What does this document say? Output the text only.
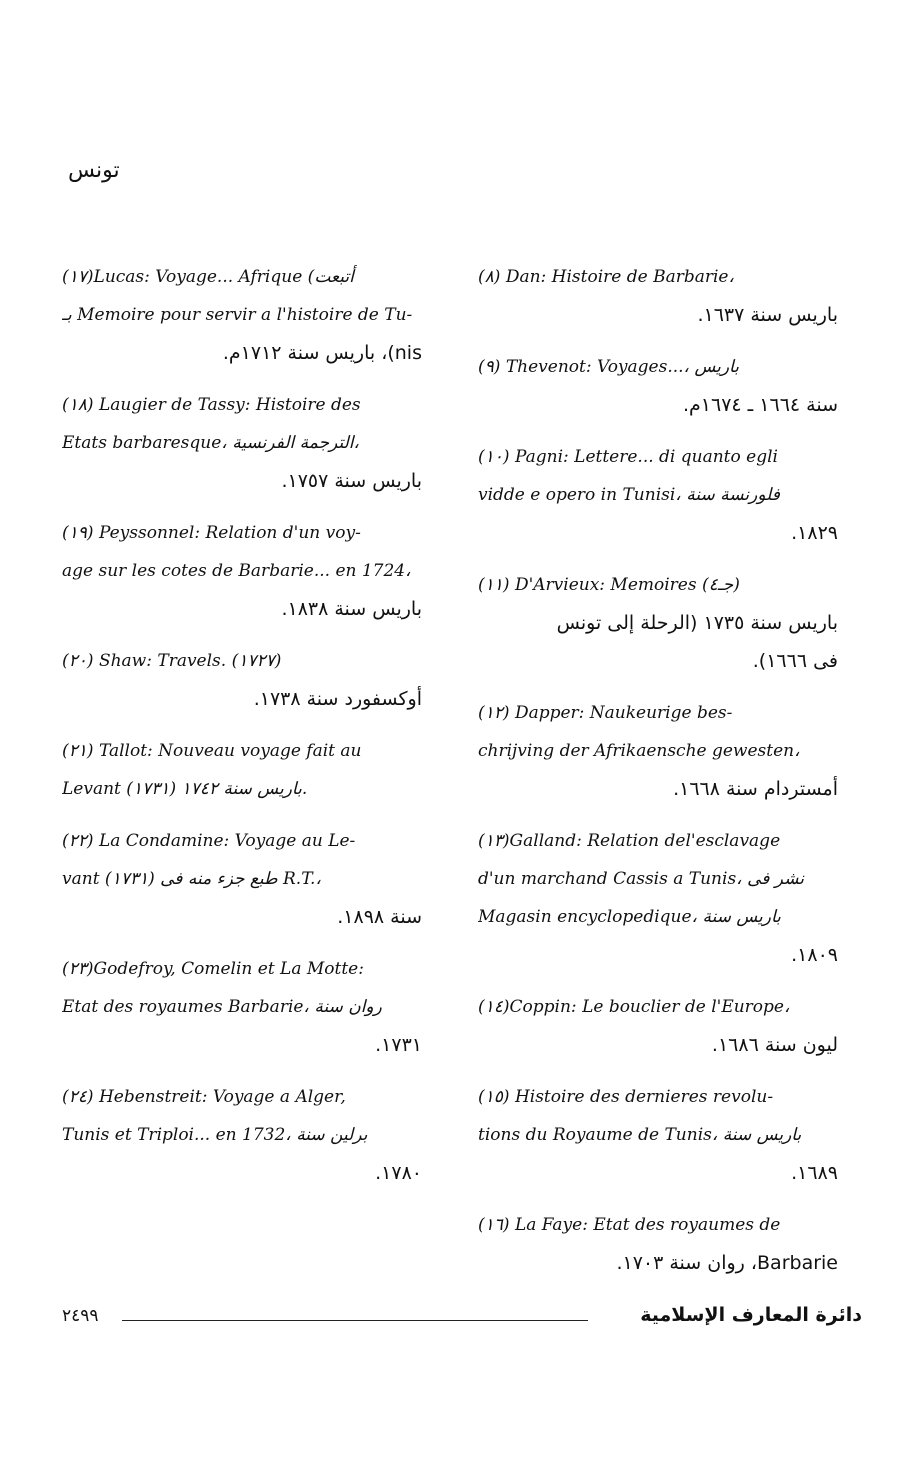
تونس
(٨) Dan: Histoire de Barbarie،
باريس سنة ١٦٣٧.
(٩) Thevenot: Voyages...، باريس
سنة ١٦٦٤ ـ ١٦٧٤م.
(١٠) Pagni: Lettere... di quanto egli
vidde e opero in Tunisi، فلورنسة سنة
١٨٢٩.
(١١) D'Arvieux: Memoires (جـ٤)
باريس سنة ١٧٣٥ (الرحلة إلى تونس
فى ١٦٦٦).
(١٢) Dapper: Naukeurige bes-
chrijving der Afrikaensche gewesten،
أمستردام سنة ١٦٦٨.
(١٣)Galland: Relation del'esclavage
d'un marchand Cassis a Tunis، نشر فى
Magasin encyclopedique، باريس سنة
١٨٠٩.
(١٤)Coppin: Le bouclier de l'Europe،
ليون سنة ١٦٨٦.
(١٥) Histoire des dernieres revolu-
tions du Royaume de Tunis، باريس سنة
١٦٨٩.
(١٦) La Faye: Etat des royaumes de
Barbarie، روان سنة ١٧٠٣.
(١٧)Lucas: Voyage... Afrique (أتبعت
بـ Memoire pour servir a l'histoire de Tu-
nis)، باريس سنة ١٧١٢م.
(١٨) Laugier de Tassy: Histoire des
Etats barbaresque، الترجمة الفرنسية،
باريس سنة ١٧٥٧.
(١٩) Peyssonnel: Relation d'un voy-
age sur les cotes de Barbarie... en 1724،
باريس سنة ١٨٣٨.
(٢٠) Shaw: Travels. (١٧٢٧)
أوكسفورد سنة ١٧٣٨.
(٢١) Tallot: Nouveau voyage fait au
Levant (١٧٣١) باريس سنة ١٧٤٢.
(٢٢) La Condamine: Voyage au Le-
vant (١٧٣١) طبع جزء منه فى R.T.،
سنة ١٨٩٨.
(٢٣)Godefroy, Comelin et La Motte:
Etat des royaumes Barbarie، روان سنة
١٧٣١.
(٢٤) Hebenstreit: Voyage a Alger,
Tunis et Triploi... en 1732، برلين سنة
١٧٨٠.
٢٤٩٩	دائرة المعارف الإسلامية
